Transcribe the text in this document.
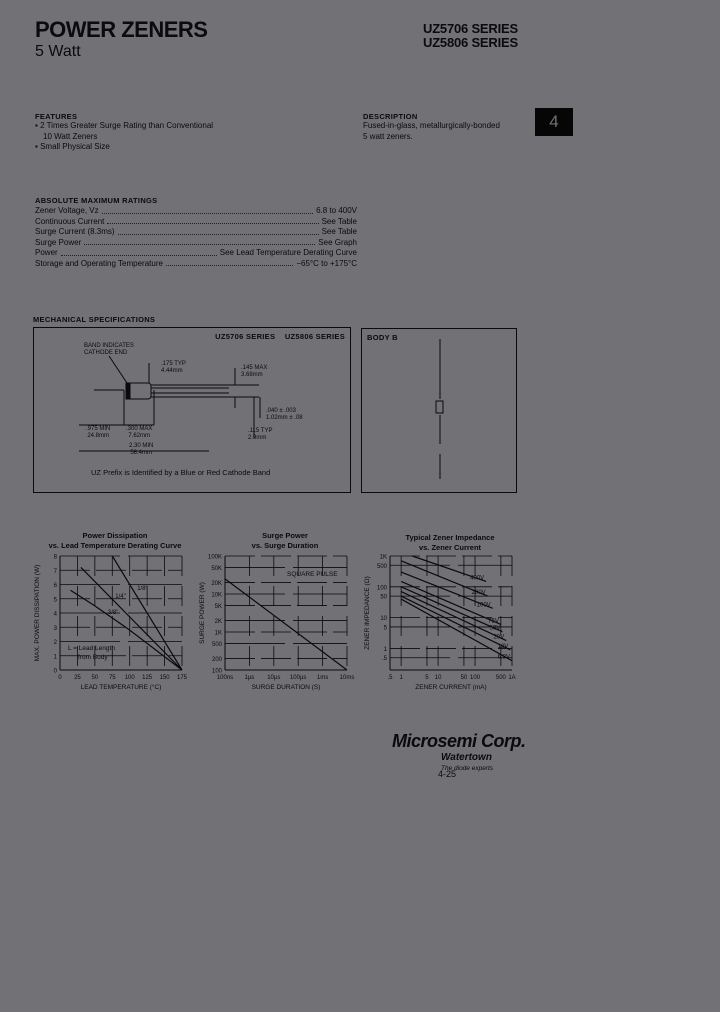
POWER ZENERS
5 Watt
UZ5706 SERIES
UZ5806 SERIES
4
FEATURES
▪ 2 Times Greater Surge Rating than Conventional
10 Watt Zeners
▪ Small Physical Size
DESCRIPTION
Fused-in-glass, metallurgically-bonded
5 watt zeners.
ABSOLUTE MAXIMUM RATINGS
Zener Voltage, Vz	6.8 to 400V
Continuous Current	See Table
Surge Current (8.3ms)	See Table
Surge Power	See Graph
Power	See Lead Temperature Derating Curve
Storage and Operating Temperature	−65°C to +175°C
MECHANICAL SPECIFICATIONS
UZ5706 SERIES    UZ5806 SERIES
BAND INDICATES
CATHODE END
.175 TYP
4.44mm	.145 MAX
3.68mm
.040 ± .003
1.02mm ± .08
.115 TYP
2.9mm
.975 MIN
24.8mm
.300 MAX
7.62mm
2.30 MIN
58.4mm
UZ Prefix is Identified by a Blue or Red Cathode Band
BODY B
Power Dissipation
vs. Lead Temperature Derating Curve
Surge Power
vs. Surge Duration
Typical Zener Impedance
vs. Zener Current
0
1
2
3
4
5
6
7
8
0 25 50 75 100 125 150 175
LEAD TEMPERATURE (°C)
MAX. POWER DISSIPATION (W)	3/8"
1/4"
1/8"
L = Lead Length
from Body
100
200
500
1K
2K
5K
10K
20K
50K
100K
100ns 1µs 10µs 100µs 1ms 10ms
SURGE DURATION (S)
SURGE POWER (W)
SQUARE PULSE
.5
1
5
10
50
100
500
1K
.5 1	5 10	50 100	500 1A
ZENER CURRENT (mA)
ZENER IMPEDANCE (Ω)	400V
200V
100V
75V
50V
20V
12V
6.8V
Microsemi Corp.
Watertown
The diode experts
4-25
